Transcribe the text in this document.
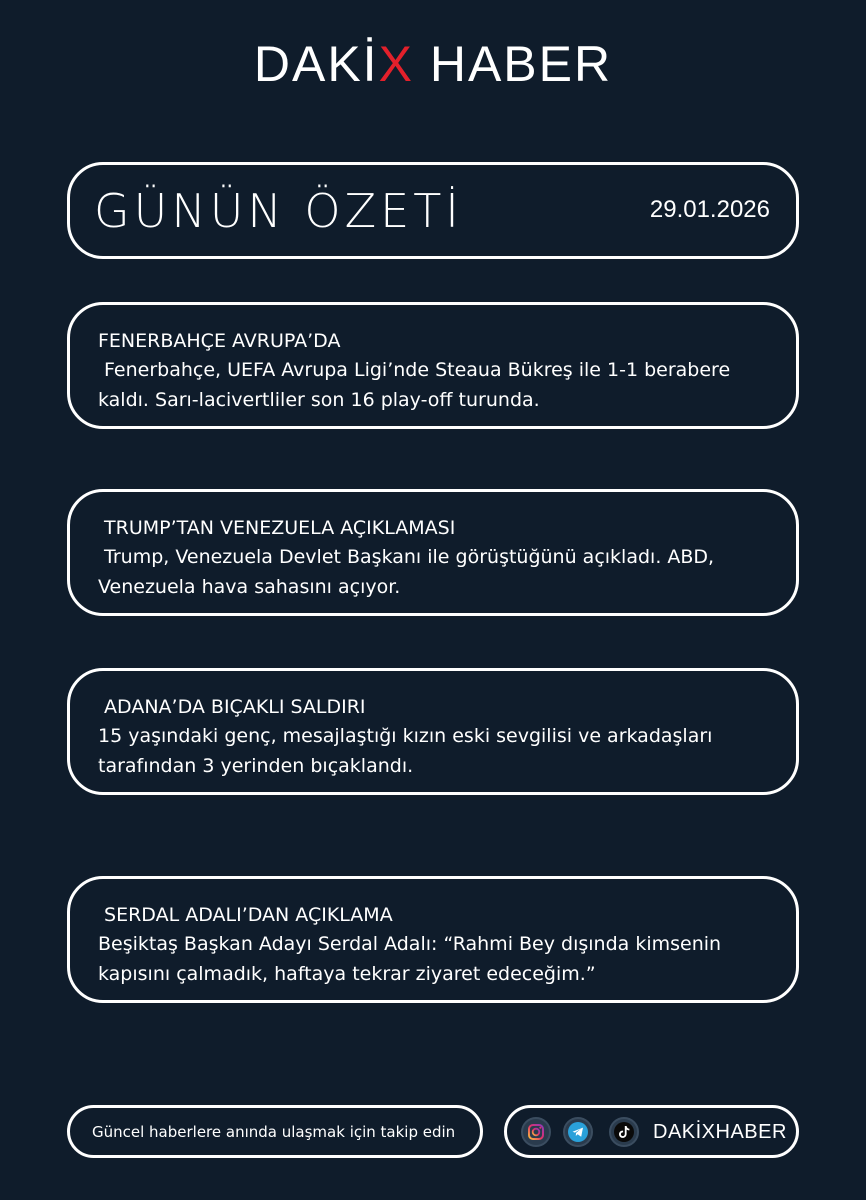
DAKİX HABER
GÜNÜN ÖZETİ	29.01.2026
FENERBAHÇE AVRUPA’DA
Fenerbahçe, UEFA Avrupa Ligi’nde Steaua Bükreş ile 1-1 berabere kaldı. Sarı-lacivertliler son 16 play-off turunda.
TRUMP’TAN VENEZUELA AÇIKLAMASI
Trump, Venezuela Devlet Başkanı ile görüştüğünü açıkladı. ABD, Venezuela hava sahasını açıyor.
ADANA’DA BIÇAKLI SALDIRI
15 yaşındaki genç, mesajlaştığı kızın eski sevgilisi ve arkadaşları tarafından 3 yerinden bıçaklandı.
SERDAL ADALI’DAN AÇIKLAMA
Beşiktaş Başkan Adayı Serdal Adalı: “Rahmi Bey dışında kimsenin kapısını çalmadık, haftaya tekrar ziyaret edeceğim.”
Güncel haberlere anında ulaşmak için takip edin	DAKİXHABER
